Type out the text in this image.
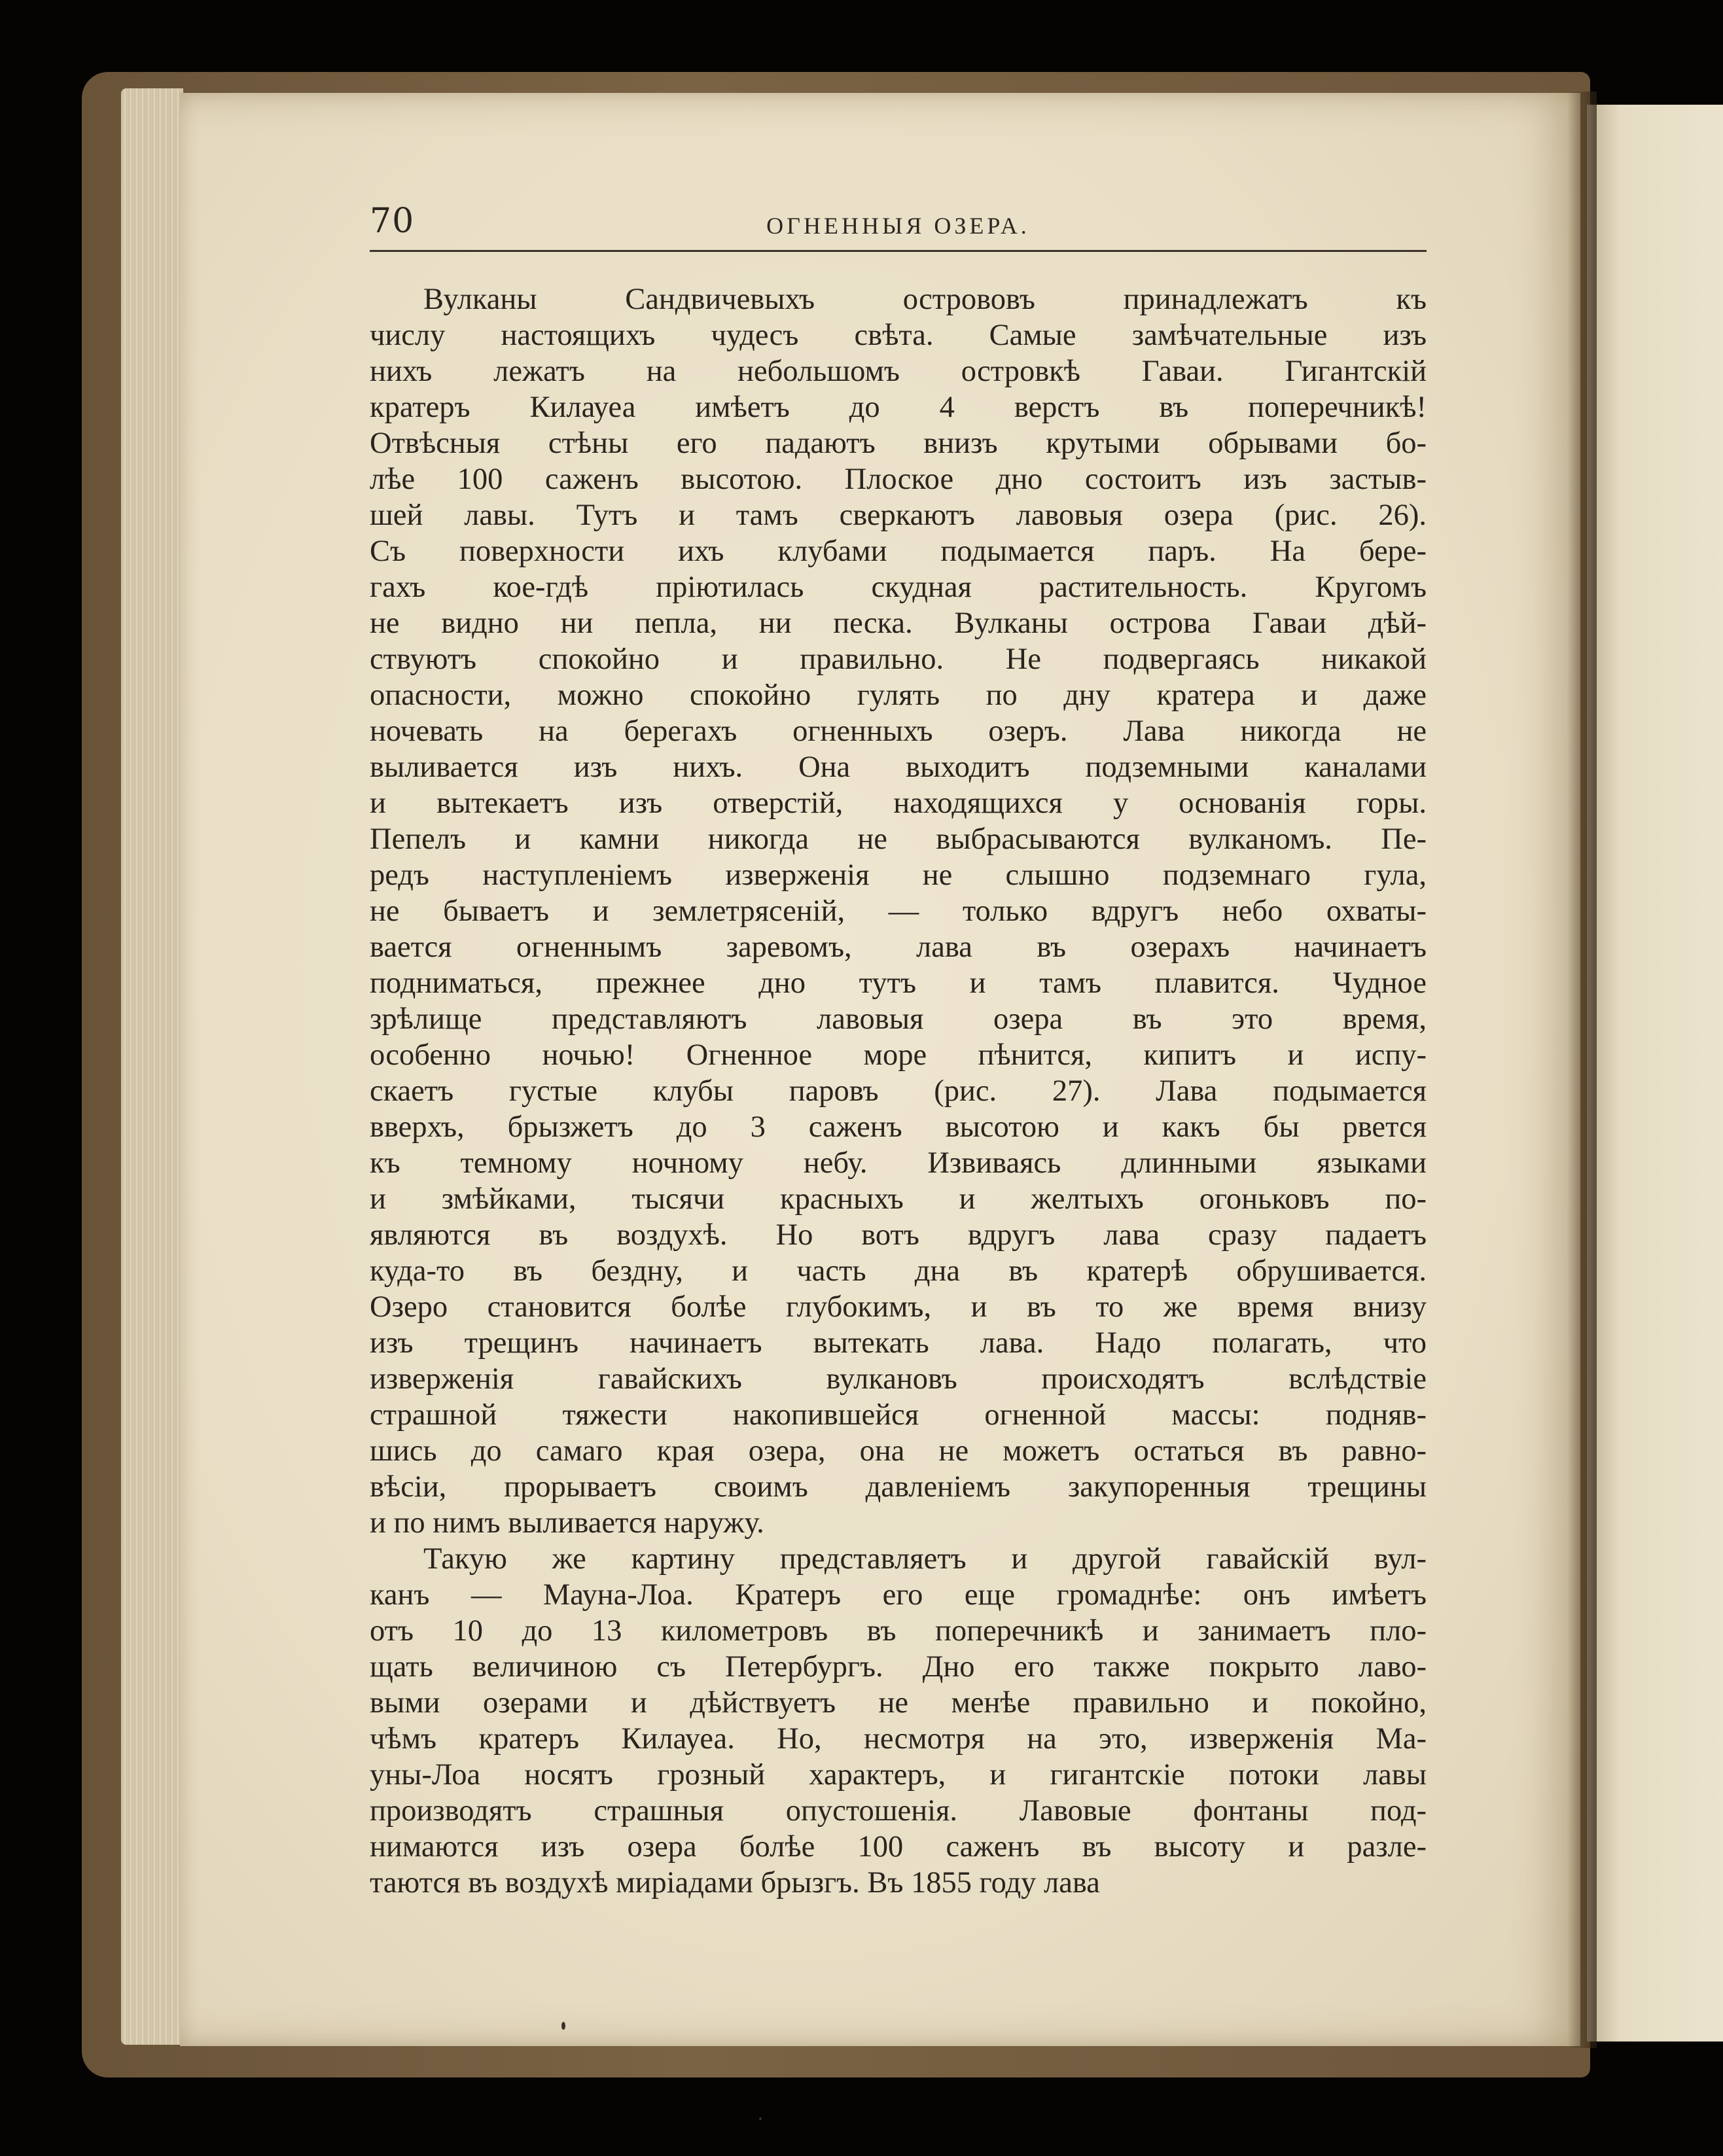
70	ОГНЕННЫЯ ОЗЕРА.
Вулканы Сандвичевыхъ острововъ принадлежатъ къ
числу настоящихъ чудесъ свѣта. Самые замѣчательные изъ
нихъ лежатъ на небольшомъ островкѣ Гаваи. Гигантскій
кратеръ Килауеа имѣетъ до 4 верстъ въ поперечникѣ!
Отвѣсныя стѣны его падаютъ внизъ крутыми обрывами бо-
лѣе 100 саженъ высотою. Плоское дно состоитъ изъ застыв-
шей лавы. Тутъ и тамъ сверкаютъ лавовыя озера (рис. 26).
Съ поверхности ихъ клубами подымается паръ. На бере-
гахъ кое-гдѣ пріютилась скудная растительность. Кругомъ
не видно ни пепла, ни песка. Вулканы острова Гаваи дѣй-
ствуютъ спокойно и правильно. Не подвергаясь никакой
опасности, можно спокойно гулять по дну кратера и даже
ночевать на берегахъ огненныхъ озеръ. Лава никогда не
выливается изъ нихъ. Она выходитъ подземными каналами
и вытекаетъ изъ отверстій, находящихся у основанія горы.
Пепелъ и камни никогда не выбрасываются вулканомъ. Пе-
редъ наступленіемъ изверженія не слышно подземнаго гула,
не бываетъ и землетрясеній, — только вдругъ небо охваты-
вается огненнымъ заревомъ, лава въ озерахъ начинаетъ
подниматься, прежнее дно тутъ и тамъ плавится. Чудное
зрѣлище представляютъ лавовыя озера въ это время,
особенно ночью! Огненное море пѣнится, кипитъ и испу-
скаетъ густые клубы паровъ (рис. 27). Лава подымается
вверхъ, брызжетъ до 3 саженъ высотою и какъ бы рвется
къ темному ночному небу. Извиваясь длинными языками
и змѣйками, тысячи красныхъ и желтыхъ огоньковъ по-
являются въ воздухѣ. Но вотъ вдругъ лава сразу падаетъ
куда-то въ бездну, и часть дна въ кратерѣ обрушивается.
Озеро становится болѣе глубокимъ, и въ то же время внизу
изъ трещинъ начинаетъ вытекать лава. Надо полагать, что
изверженія гавайскихъ вулкановъ происходятъ вслѣдствіе
страшной тяжести накопившейся огненной массы: подняв-
шись до самаго края озера, она не можетъ остаться въ равно-
вѣсіи, прорываетъ своимъ давленіемъ закупоренныя трещины
и по нимъ выливается наружу.
Такую же картину представляетъ и другой гавайскій вул-
канъ — Мауна-Лоа. Кратеръ его еще громаднѣе: онъ имѣетъ
отъ 10 до 13 километровъ въ поперечникѣ и занимаетъ пло-
щать величиною съ Петербургъ. Дно его также покрыто лаво-
выми озерами и дѣйствуетъ не менѣе правильно и покойно,
чѣмъ кратеръ Килауеа. Но, несмотря на это, изверженія Ма-
уны-Лоа носятъ грозный характеръ, и гигантскіе потоки лавы
производятъ страшныя опустошенія. Лавовые фонтаны под-
нимаются изъ озера болѣе 100 саженъ въ высоту и разле-
таются въ воздухѣ миріадами брызгъ. Въ 1855 году лава
